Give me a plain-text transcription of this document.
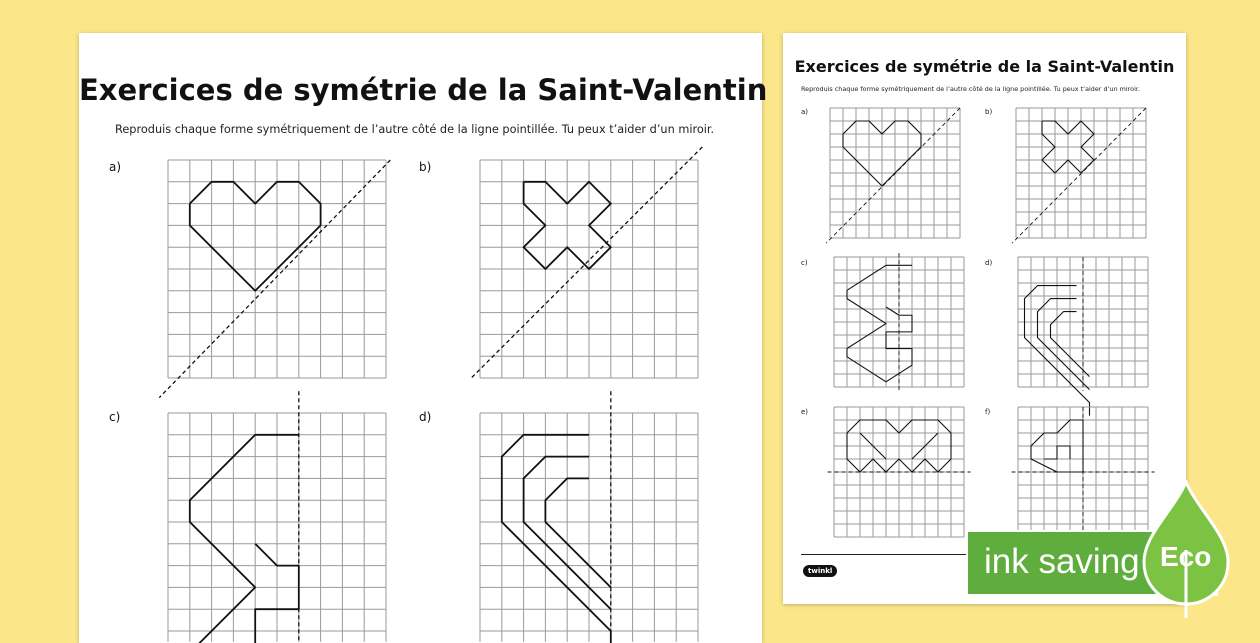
Exercices de symétrie de la Saint-Valentin
Reproduis chaque forme symétriquement de l’autre côté de la ligne pointillée. Tu peux t’aider d’un miroir.
a)	b)
c)	d)
Exercices de symétrie de la Saint-Valentin
Reproduis chaque forme symétriquement de l’autre côté de la ligne pointillée. Tu peux t’aider d’un miroir.
a)	b)
c)	d)
e)	f)
twinkl	ink saving Eco
